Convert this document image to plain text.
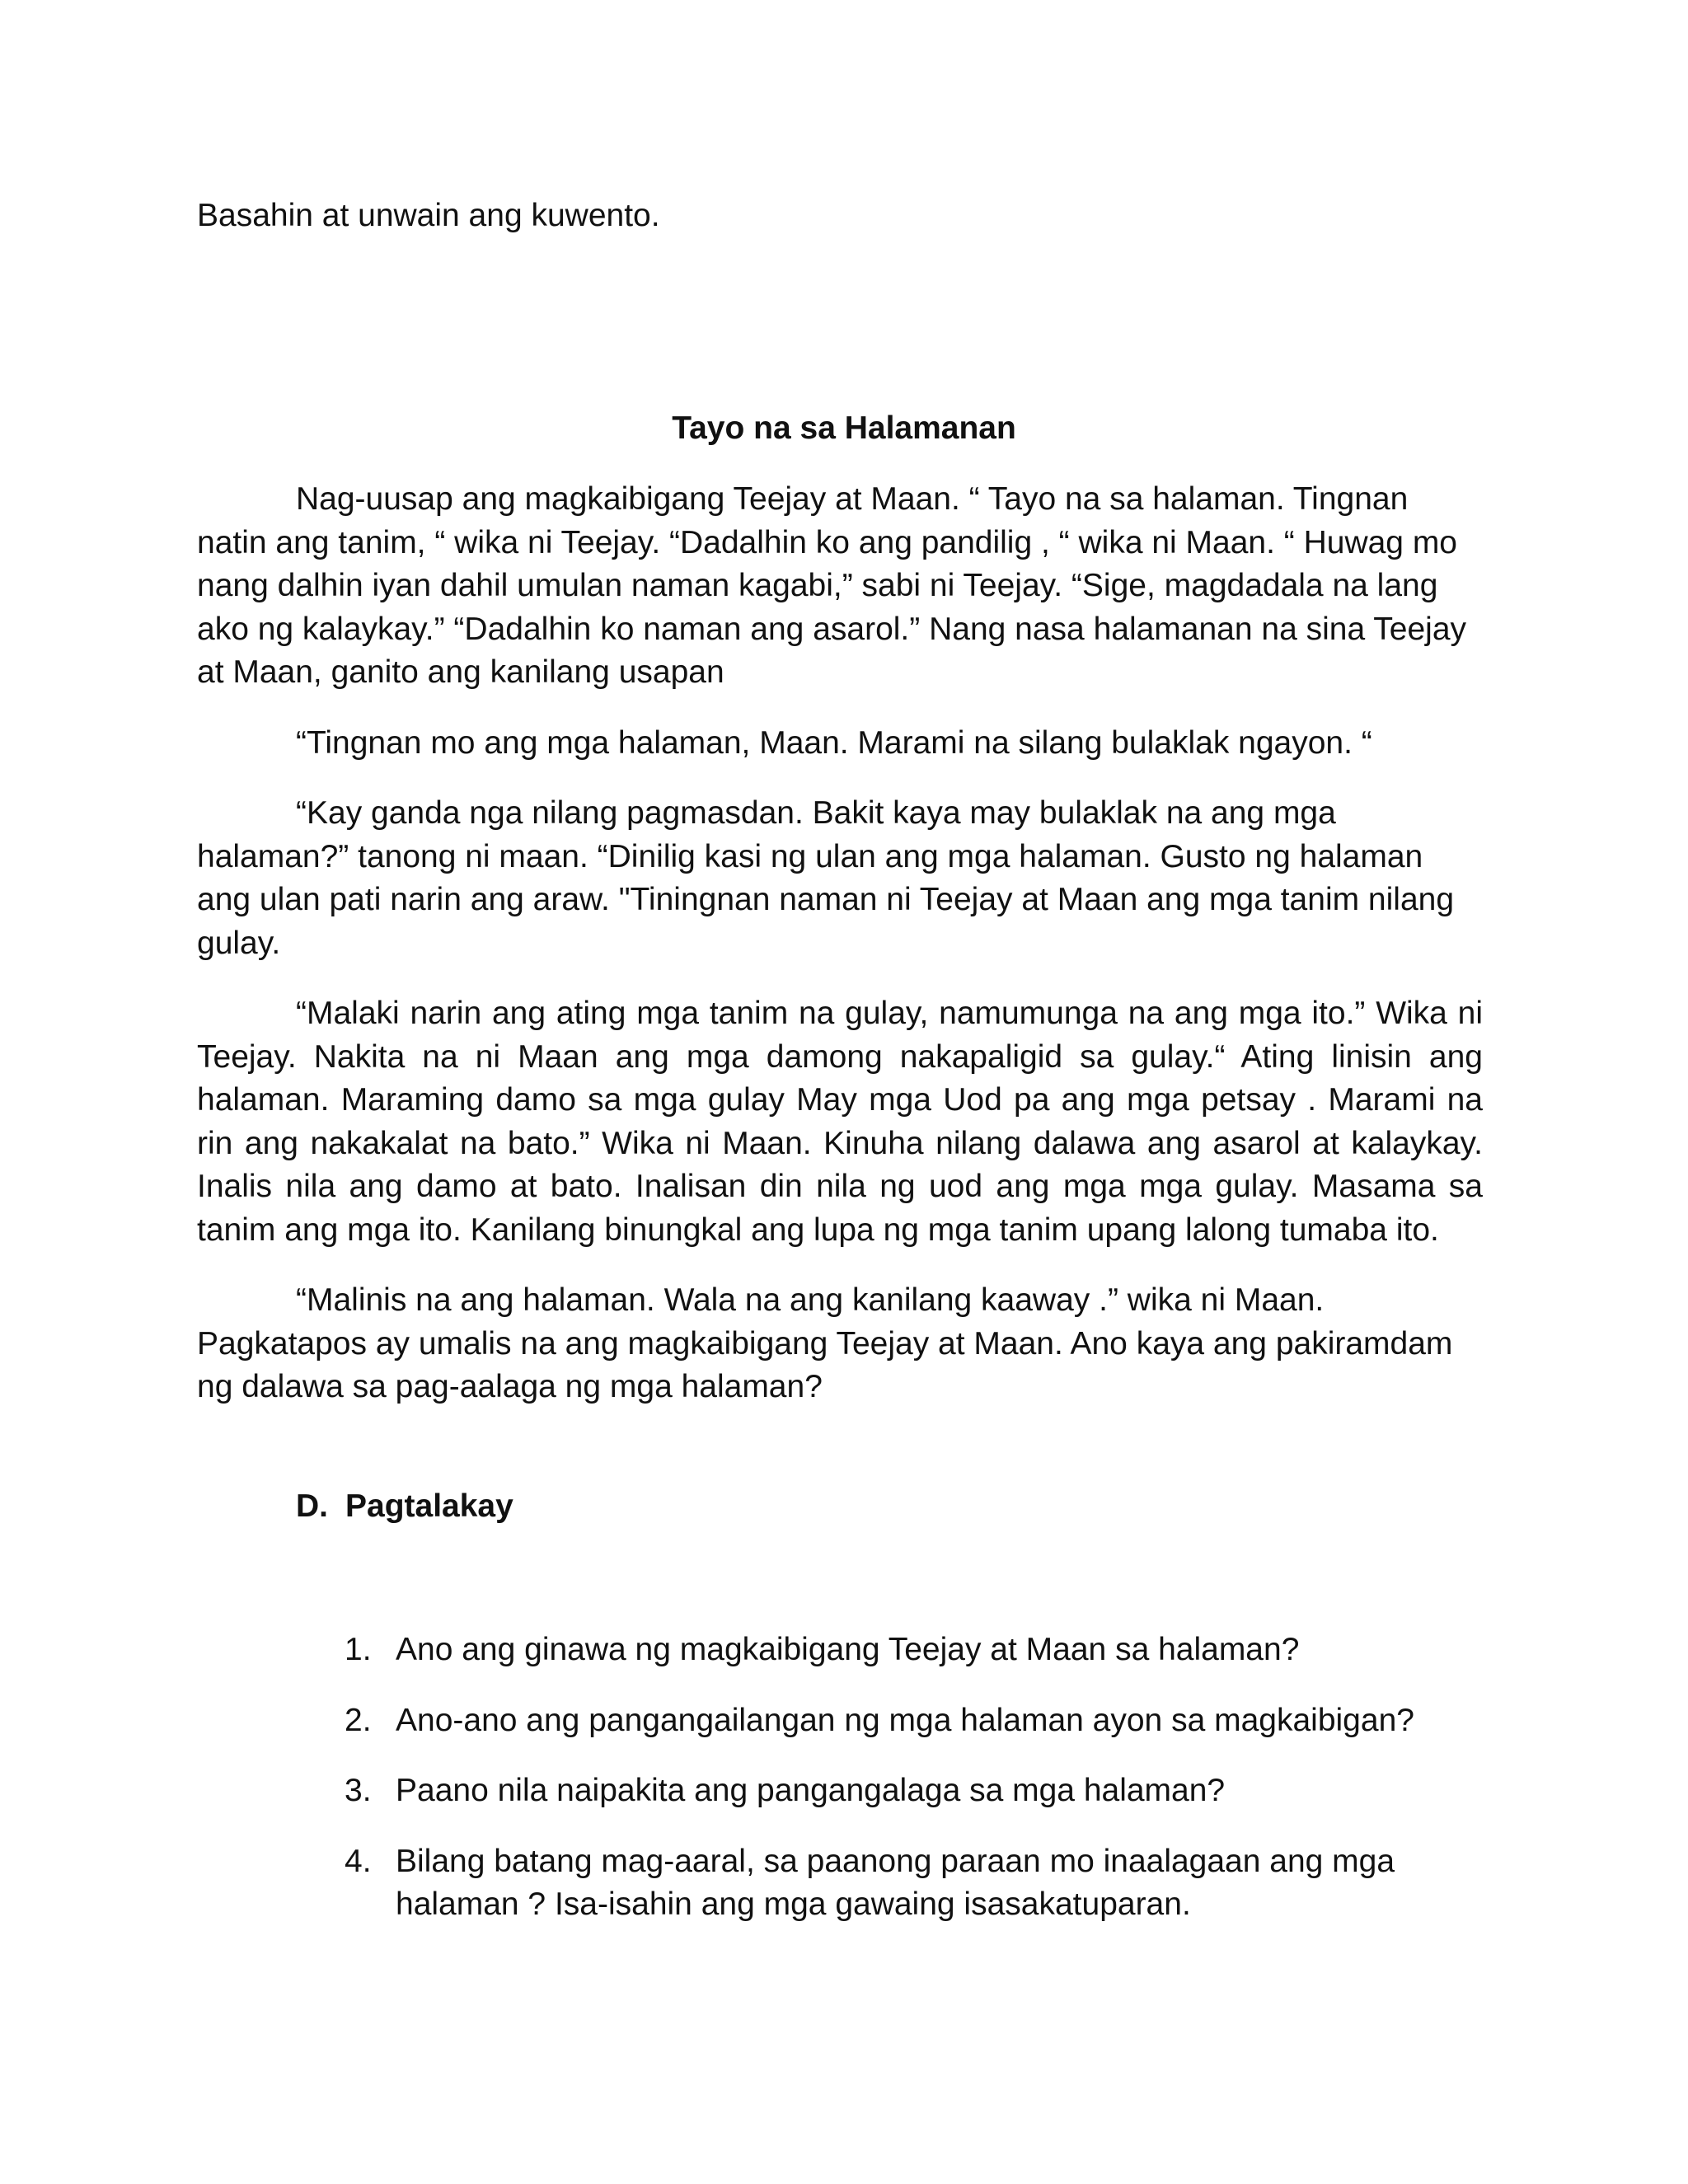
Basahin at unwain ang kuwento.

Tayo na sa Halamanan

Nag-uusap ang magkaibigang Teejay at Maan. “ Tayo na sa halaman. Tingnan natin ang tanim, “ wika ni Teejay. “Dadalhin ko ang pandilig , “ wika ni Maan. “ Huwag mo nang dalhin iyan dahil umulan naman kagabi,” sabi ni Teejay. “Sige, magdadala na lang ako ng kalaykay.” “Dadalhin ko naman ang asarol.” Nang nasa halamanan na sina Teejay at Maan, ganito ang kanilang usapan

“Tingnan mo ang mga halaman, Maan. Marami na silang bulaklak ngayon. “

“Kay ganda nga nilang pagmasdan. Bakit kaya may bulaklak na ang mga halaman?” tanong ni maan. “Dinilig kasi ng ulan ang mga halaman. Gusto ng halaman ang ulan pati narin ang araw. "Tiningnan naman ni Teejay at Maan ang mga tanim nilang gulay.

“Malaki narin ang ating mga tanim na gulay, namumunga na ang mga ito.” Wika ni Teejay. Nakita na ni Maan ang mga damong nakapaligid sa gulay.“ Ating linisin ang halaman. Maraming damo sa mga gulay May mga Uod pa ang mga petsay . Marami na rin ang nakakalat na bato.” Wika ni Maan. Kinuha nilang dalawa ang asarol at kalaykay. Inalis nila ang damo at bato. Inalisan din nila ng uod ang mga mga gulay. Masama sa tanim ang mga ito. Kanilang binungkal ang lupa ng mga tanim upang lalong tumaba ito.

“Malinis na ang halaman. Wala na ang kanilang kaaway .” wika ni Maan. Pagkatapos ay umalis na ang magkaibigang Teejay at Maan. Ano kaya ang pakiramdam ng dalawa sa pag-aalaga ng mga halaman?

D. Pagtalakay
1. Ano ang ginawa ng magkaibigang Teejay at Maan sa halaman?
2. Ano-ano ang pangangailangan ng mga halaman ayon sa magkaibigan?
3. Paano nila naipakita ang pangangalaga sa mga halaman?
4. Bilang batang mag-aaral, sa paanong paraan mo inaalagaan ang mga halaman ? Isa-isahin ang mga gawaing isasakatuparan.
